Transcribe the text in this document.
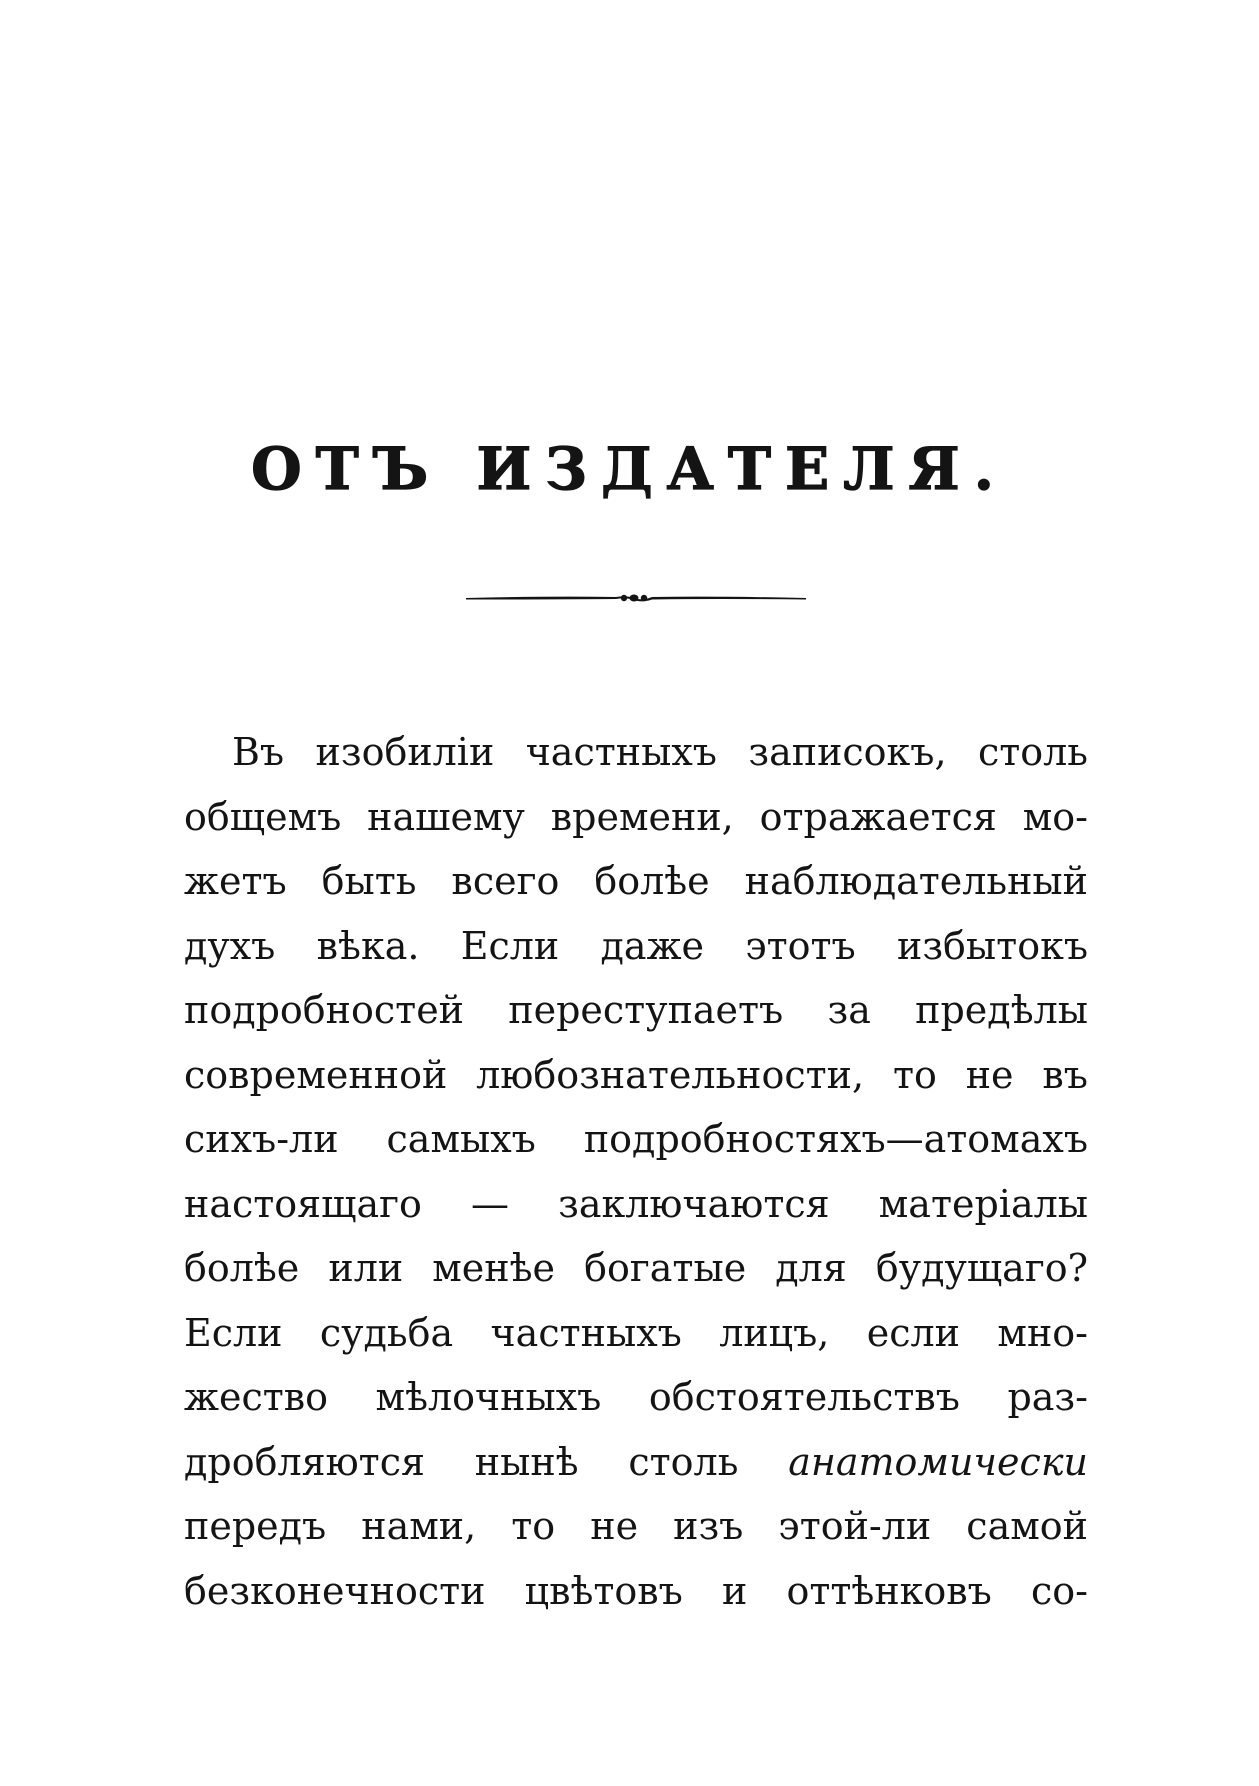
ОТЪ ИЗДАТЕЛЯ.
Въ изобиліи частныхъ записокъ, столь
общемъ нашему времени, отражается мо-
жетъ быть всего болѣе наблюдательный
духъ вѣка. Если даже этотъ избытокъ
подробностей переступаетъ за предѣлы
современной любознательности, то не въ
сихъ-ли самыхъ подробностяхъ—атомахъ
настоящаго — заключаются матеріалы
болѣе или менѣе богатые для будущаго?
Если судьба частныхъ лицъ, если мно-
жество мѣлочныхъ обстоятельствъ раз-
дробляются нынѣ столь анатомически
передъ нами, то не изъ этой-ли самой
безконечности цвѣтовъ и оттѣнковъ со-
